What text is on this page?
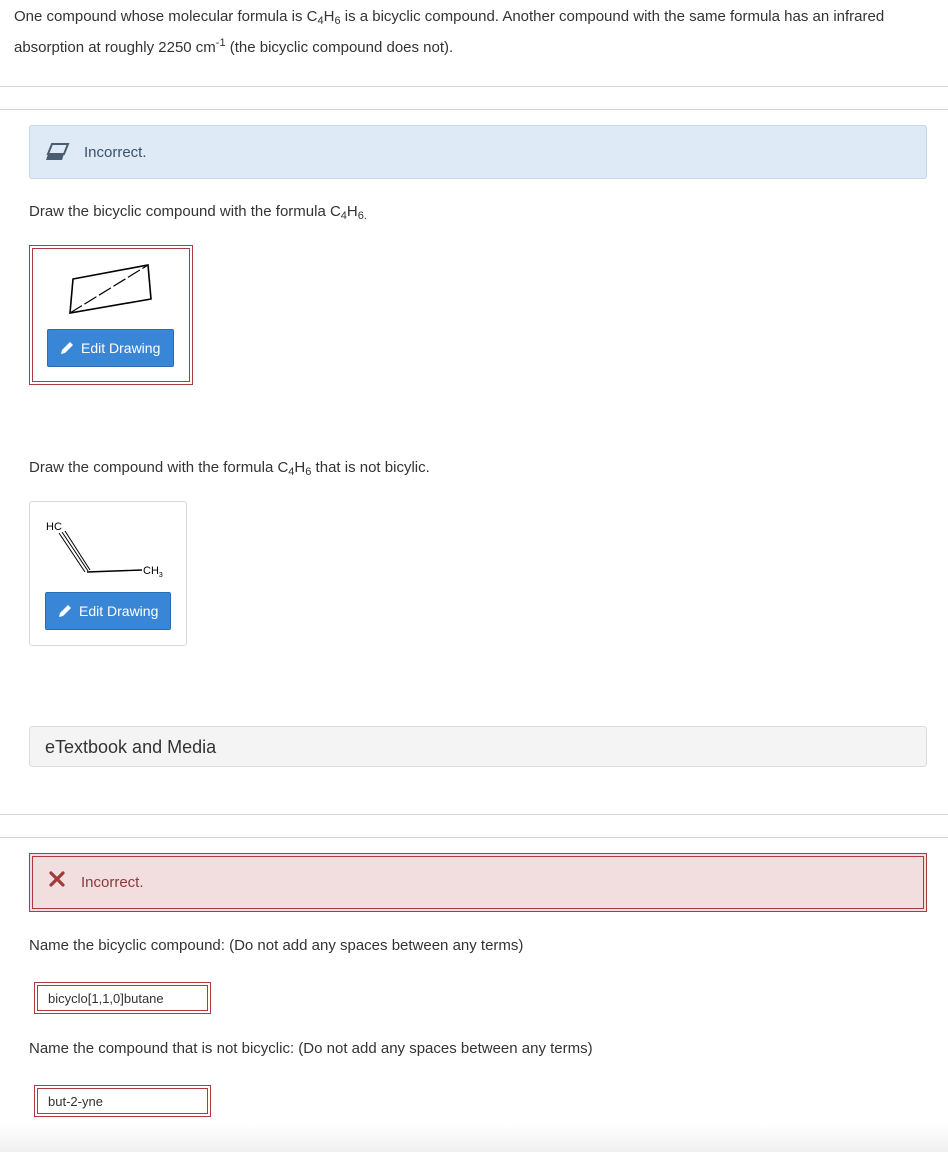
One compound whose molecular formula is $C_4H_6$ is a bicyclic compound. Another compound with the same formula has an infrared absorption at roughly 2250 $cm^{-1}$ (the bicyclic compound does not).
Incorrect.
Draw the bicyclic compound with the formula $C_4H_{6.}$
Edit Drawing
Draw the compound with the formula $C_4H_6$ that is not bicylic.
HC
$CH_3$
Edit Drawing
eTextbook and Media
Incorrect.
Name the bicyclic compound: (Do not add any spaces between any terms)
bicyclo[1,1,0]butane
Name the compound that is not bicyclic: (Do not add any spaces between any terms)
but-2-yne
